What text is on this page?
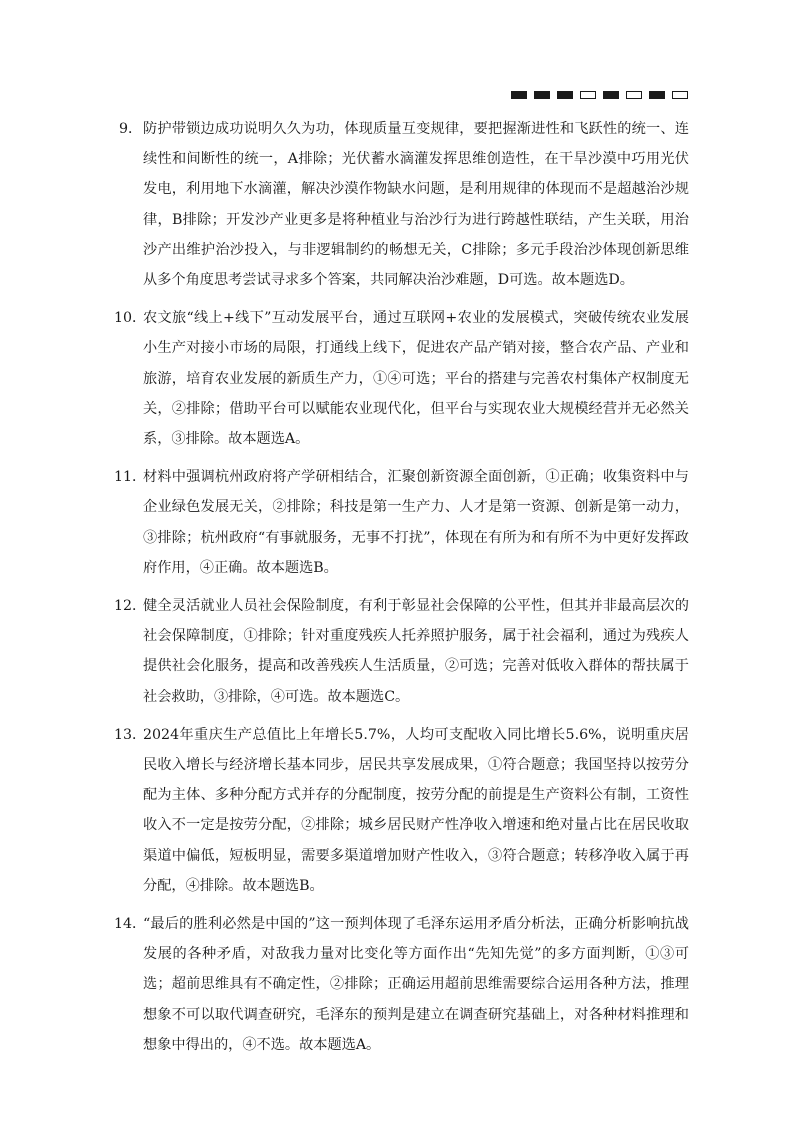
9． 防护带锁边成功说明久久为功，体现质量互变规律，要把握渐进性和飞跃性的统一、连续性和间断性的统一，A排除；光伏蓄水滴灌发挥思维创造性，在干旱沙漠中巧用光伏发电，利用地下水滴灌，解决沙漠作物缺水问题，是利用规律的体现而不是超越治沙规律，B排除；开发沙产业更多是将种植业与治沙行为进行跨越性联结，产生关联，用治沙产出维护治沙投入，与非逻辑制约的畅想无关，C排除；多元手段治沙体现创新思维从多个角度思考尝试寻求多个答案，共同解决治沙难题，D可选。故本题选D。
10．
农文旅“线上+线下”互动发展平台，通过互联网+农业的发展模式，突破传统农业发展小生产对接小市场的局限，打通线上线下，促进农产品产销对接，整合农产品、产业和旅游，培育农业发展的新质生产力，①④可选；平台的搭建与完善农村集体产权制度无关，②排除；借助平台可以赋能农业现代化，但平台与实现农业大规模经营并无必然关系，③排除。故本题选A。
11．
材料中强调杭州政府将产学研相结合，汇聚创新资源全面创新，①正确；收集资料中与企业绿色发展无关，②排除；科技是第一生产力、人才是第一资源、创新是第一动力，③排除；杭州政府“有事就服务，无事不打扰”，体现在有所为和有所不为中更好发挥政府作用，④正确。故本题选B。
12．
健全灵活就业人员社会保险制度，有利于彰显社会保障的公平性，但其并非最高层次的社会保障制度，①排除；针对重度残疾人托养照护服务，属于社会福利，通过为残疾人提供社会化服务，提高和改善残疾人生活质量，②可选；完善对低收入群体的帮扶属于社会救助，③排除，④可选。故本题选C。
13．
2024年重庆生产总值比上年增长5.7%，人均可支配收入同比增长5.6%，说明重庆居民收入增长与经济增长基本同步，居民共享发展成果，①符合题意；我国坚持以按劳分配为主体、多种分配方式并存的分配制度，按劳分配的前提是生产资料公有制，工资性收入不一定是按劳分配，②排除；城乡居民财产性净收入增速和绝对量占比在居民收取渠道中偏低，短板明显，需要多渠道增加财产性收入，③符合题意；转移净收入属于再分配，④排除。故本题选B。
14．
“最后的胜利必然是中国的”这一预判体现了毛泽东运用矛盾分析法，正确分析影响抗战发展的各种矛盾，对敌我力量对比变化等方面作出“先知先觉”的多方面判断，①③可选；超前思维具有不确定性，②排除；正确运用超前思维需要综合运用各种方法，推理想象不可以取代调查研究，毛泽东的预判是建立在调查研究基础上，对各种材料推理和想象中得出的，④不选。故本题选A。
